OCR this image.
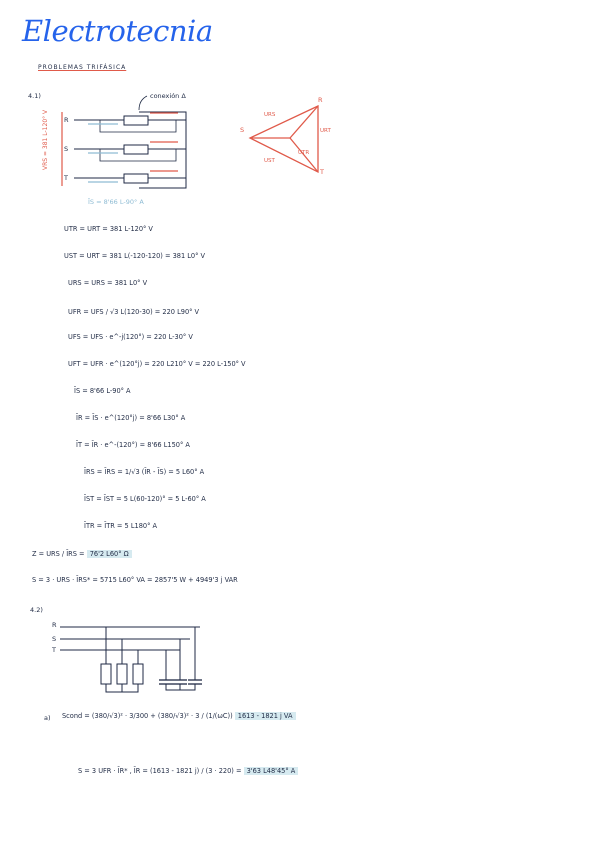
Electrotecnia
PROBLEMAS TRIFÁSICA
4.1)	conexión Δ
R
S
T
VRS = 381 L-120° V
ĪS = 8'66 L-90° A
R
S
T
URS
URT
UST
UTR
UTR = URT = 381 L-120° V
UST = URT = 381 L(-120-120) = 381 L0° V
URS = URS = 381 L0° V
UFR = UFS / √3 L(120-30) = 220 L90° V
UFS = UFS · e^-j(120°) = 220 L-30° V
UFT = UFR · e^(120°j) = 220 L210° V = 220 L-150° V
ĪS = 8'66 L-90° A
ĪR = ĪS · e^(120°j) = 8'66 L30° A
ĪT = ĪR · e^-(120°) = 8'66 L150° A
ĪRS = ĪRS = 1/√3 (ĪR - ĪS) = 5 L60° A
ĪST = ĪST = 5 L(60-120)° = 5 L-60° A
ĪTR = ĪTR = 5 L180° A
Z = URS / ĪRS = 76'2 L60° Ω
S = 3 · URS · ĪRS* = 5715 L60° VA = 2857'5 W + 4949'3 j VAR
4.2)
R
S
T
a) Scond = (380/√3)² · 3/300 + (380/√3)² · 3 / (1/(ωC)) 1613 - 1821 j VA
S = 3 UFR · ĪR* , ĪR = (1613 - 1821 j) / (3 · 220) = 3'63 L48'45° A
